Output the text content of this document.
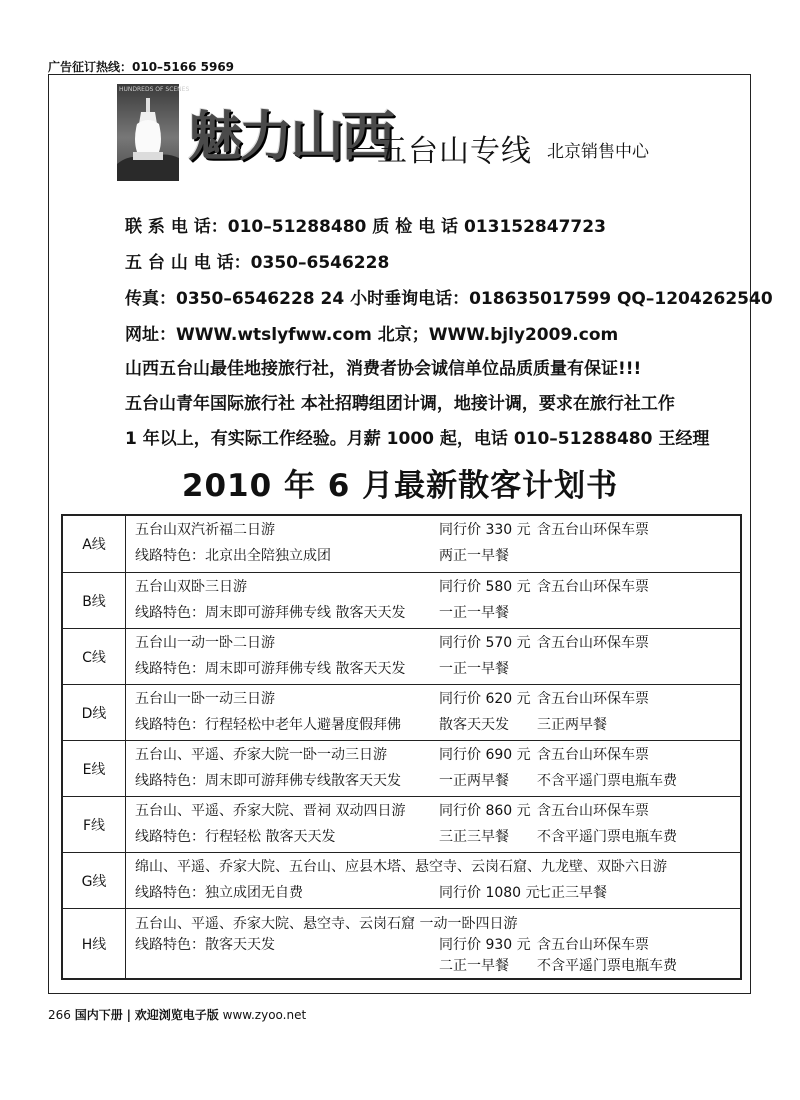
广告征订热线：010–5166 5969
HUNDREDS OF SCENES
魅力山西
一五台山专线 北京销售中心
联 系 电 话：010–51288480 质 检 电 话 013152847723
五 台 山 电 话：0350–6546228
传真：0350–6546228 24 小时垂询电话：018635017599 QQ–1204262540
网址：WWW.wtslyfww.com 北京；WWW.bjly2009.com
山西五台山最佳地接旅行社，消费者协会诚信单位品质质量有保证!!!
五台山青年国际旅行社 本社招聘组团计调，地接计调，要求在旅行社工作
1 年以上，有实际工作经验。月薪 1000 起，电话 010–51288480 王经理
2010 年 6 月最新散客计划书
A线
五台山双汽祈福二日游	同行价 330 元 含五台山环保车票
线路特色：北京出全陪独立成团	两正一早餐
B线
五台山双卧三日游	同行价 580 元 含五台山环保车票
线路特色：周末即可游拜佛专线 散客天天发 一正一早餐
C线
五台山一动一卧二日游	同行价 570 元 含五台山环保车票
线路特色：周末即可游拜佛专线 散客天天发 一正一早餐
D线
五台山一卧一动三日游	同行价 620 元 含五台山环保车票
线路特色：行程轻松中老年人避暑度假拜佛	散客天天发 三正两早餐
E线
五台山、平遥、乔家大院一卧一动三日游	同行价 690 元 含五台山环保车票
线路特色：周末即可游拜佛专线散客天天发	一正两早餐 不含平遥门票电瓶车费
F线
五台山、平遥、乔家大院、晋祠 双动四日游 同行价 860 元 含五台山环保车票
线路特色：行程轻松 散客天天发	三正三早餐 不含平遥门票电瓶车费
G线
绵山、平遥、乔家大院、五台山、应县木塔、悬空寺、云岗石窟、九龙壁、双卧六日游
线路特色：独立成团无自费	同行价 1080 元
七正三早餐
H线
五台山、平遥、乔家大院、悬空寺、云岗石窟 一动一卧四日游
线路特色：散客天天发	同行价 930 元 含五台山环保车票
二正一早餐 不含平遥门票电瓶车费
266 国内下册 | 欢迎浏览电子版 www.zyoo.net
